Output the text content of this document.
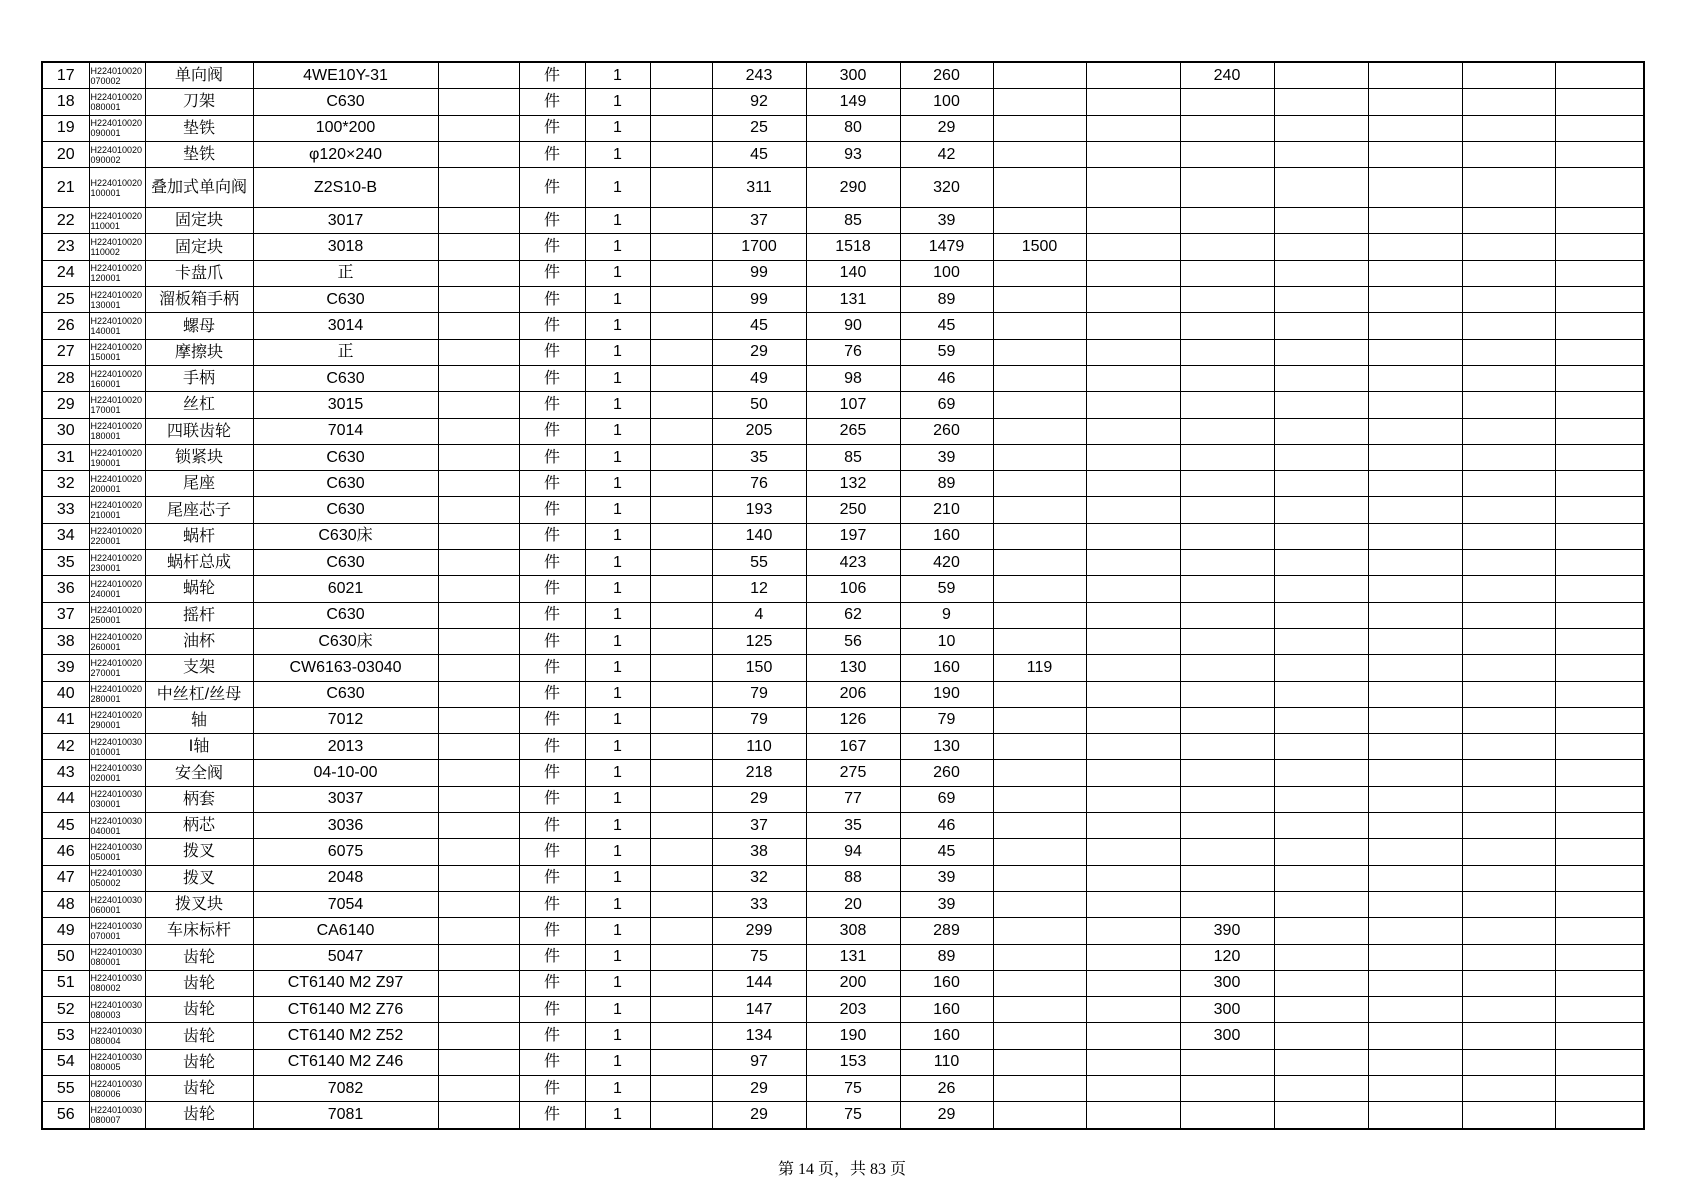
17	H224010020070002	单向阀	4WE10Y-31		件	1		243	300	260			240				
18	H224010020080001	刀架	C630		件	1		92	149	100							
19	H224010020090001	垫铁	100*200		件	1		25	80	29							
20	H224010020090002	垫铁	φ120×240		件	1		45	93	42							
21	H224010020100001	叠加式单向阀	Z2S10-B		件	1		311	290	320							
22	H224010020110001	固定块	3017		件	1		37	85	39							
23	H224010020110002	固定块	3018		件	1		1700	1518	1479	1500						
24	H224010020120001	卡盘爪	正		件	1		99	140	100							
25	H224010020130001	溜板箱手柄	C630		件	1		99	131	89							
26	H224010020140001	螺母	3014		件	1		45	90	45							
27	H224010020150001	摩擦块	正		件	1		29	76	59							
28	H224010020160001	手柄	C630		件	1		49	98	46							
29	H224010020170001	丝杠	3015		件	1		50	107	69							
30	H224010020180001	四联齿轮	7014		件	1		205	265	260							
31	H224010020190001	锁紧块	C630		件	1		35	85	39							
32	H224010020200001	尾座	C630		件	1		76	132	89							
33	H224010020210001	尾座芯子	C630		件	1		193	250	210							
34	H224010020220001	蜗杆	C630床		件	1		140	197	160							
35	H224010020230001	蜗杆总成	C630		件	1		55	423	420							
36	H224010020240001	蜗轮	6021		件	1		12	106	59							
37	H224010020250001	摇杆	C630		件	1		4	62	9							
38	H224010020260001	油杯	C630床		件	1		125	56	10							
39	H224010020270001	支架	CW6163-03040		件	1		150	130	160	119						
40	H224010020280001	中丝杠/丝母	C630		件	1		79	206	190							
41	H224010020290001	轴	7012		件	1		79	126	79							
42	H224010030010001	Ⅰ轴	2013		件	1		110	167	130							
43	H224010030020001	安全阀	04-10-00		件	1		218	275	260							
44	H224010030030001	柄套	3037		件	1		29	77	69							
45	H224010030040001	柄芯	3036		件	1		37	35	46							
46	H224010030050001	拨叉	6075		件	1		38	94	45							
47	H224010030050002	拨叉	2048		件	1		32	88	39							
48	H224010030060001	拨叉块	7054		件	1		33	20	39							
49	H224010030070001	车床标杆	CA6140		件	1		299	308	289			390				
50	H224010030080001	齿轮	5047		件	1		75	131	89			120				
51	H224010030080002	齿轮	CT6140 M2 Z97		件	1		144	200	160			300				
52	H224010030080003	齿轮	CT6140 M2 Z76		件	1		147	203	160			300				
53	H224010030080004	齿轮	CT6140 M2 Z52		件	1		134	190	160			300				
54	H224010030080005	齿轮	CT6140 M2 Z46		件	1		97	153	110							
55	H224010030080006	齿轮	7082		件	1		29	75	26							
56	H224010030080007	齿轮	7081		件	1		29	75	29							
第 14 页，共 83 页
